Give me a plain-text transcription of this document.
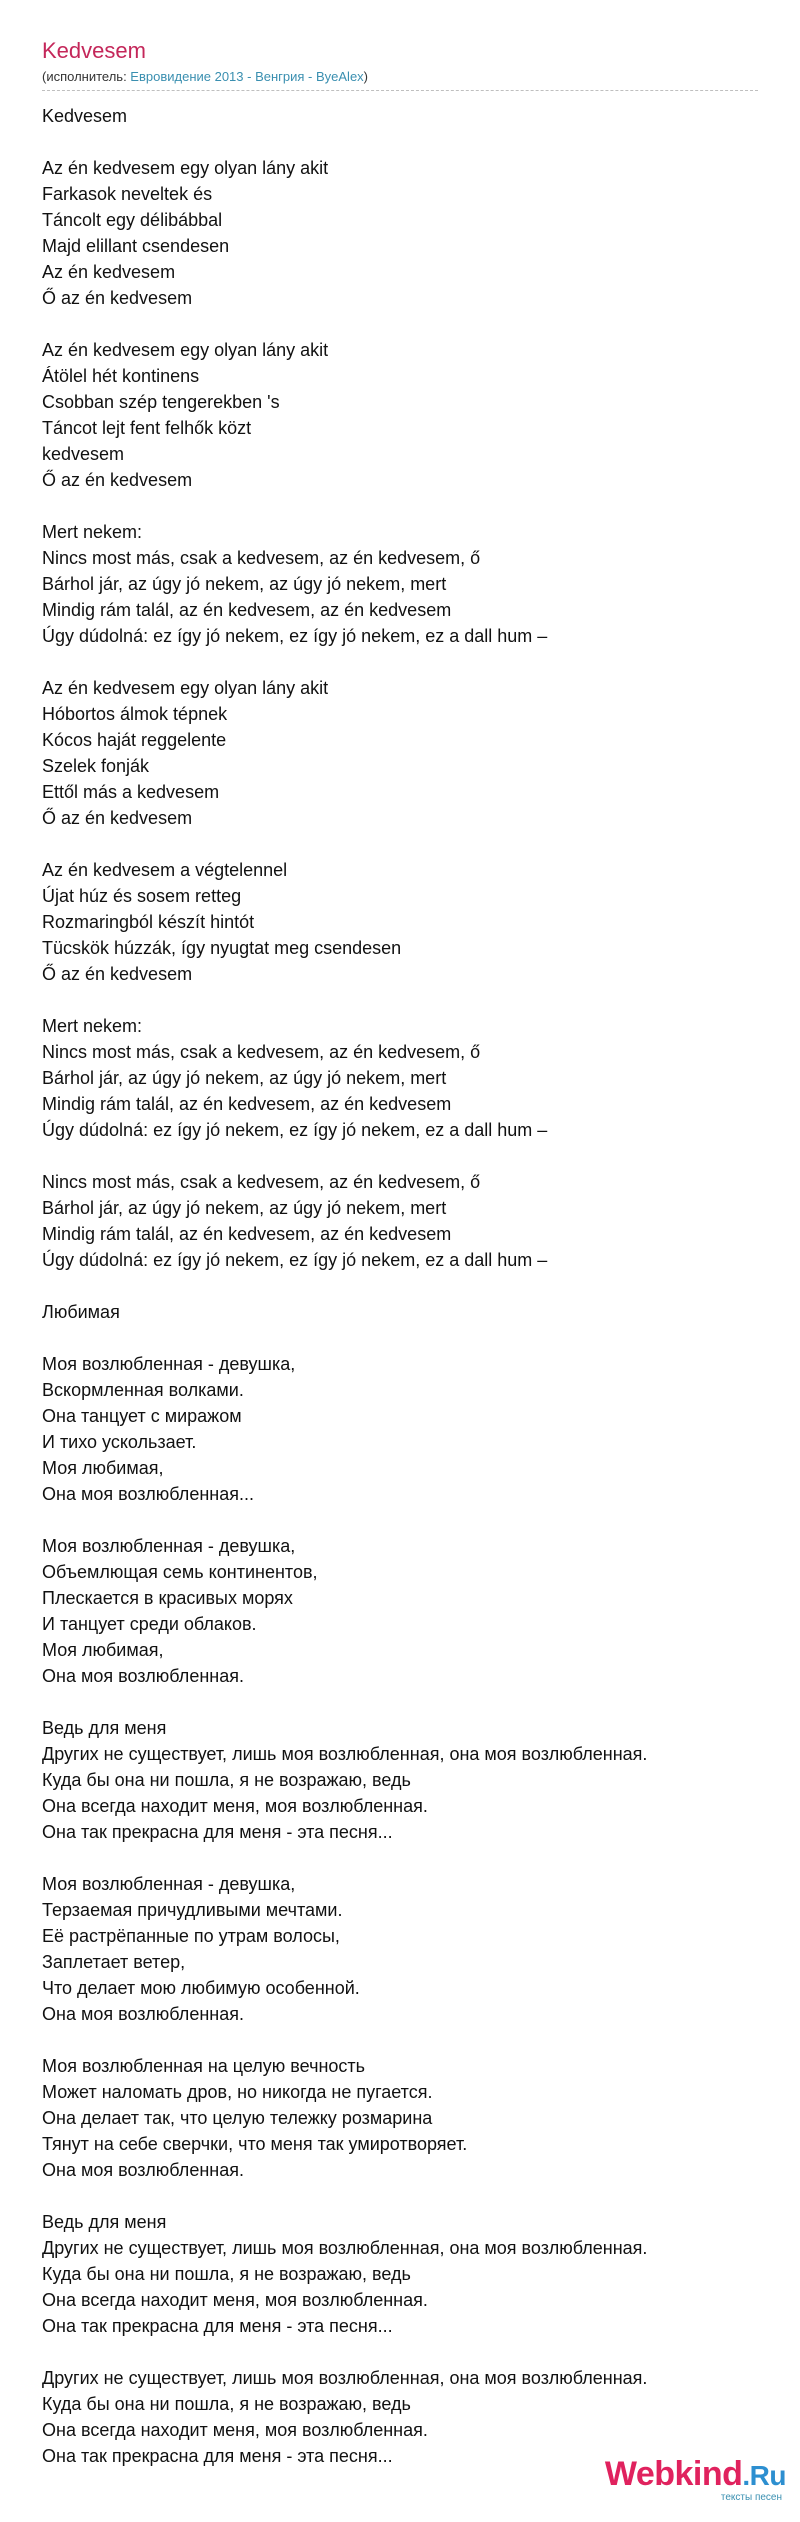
Kedvesem
(исполнитель: Евровидение 2013 - Венгрия - ByeAlex)
Kedvesem
Az én kedvesem egy olyan lány akit
Farkasok neveltek és
Táncolt egy délibábbal
Majd elillant csendesen
Az én kedvesem
Ő az én kedvesem
Az én kedvesem egy olyan lány akit
Átölel hét kontinens
Csobban szép tengerekben 's
Táncot lejt fent felhők közt
kedvesem
Ő az én kedvesem
Mert nekem:
Nincs most más, csak a kedvesem, az én kedvesem, ő
Bárhol jár, az úgy jó nekem, az úgy jó nekem, mert
Mindig rám talál, az én kedvesem, az én kedvesem
Úgy dúdolná: ez így jó nekem, ez így jó nekem, ez a dall hum –
Az én kedvesem egy olyan lány akit
Hóbortos álmok tépnek
Kócos haját reggelente
Szelek fonják
Ettől más a kedvesem
Ő az én kedvesem
Az én kedvesem a végtelennel
Újat húz és sosem retteg
Rozmaringból készít hintót
Tücskök húzzák, így nyugtat meg csendesen
Ő az én kedvesem
Mert nekem:
Nincs most más, csak a kedvesem, az én kedvesem, ő
Bárhol jár, az úgy jó nekem, az úgy jó nekem, mert
Mindig rám talál, az én kedvesem, az én kedvesem
Úgy dúdolná: ez így jó nekem, ez így jó nekem, ez a dall hum –
Nincs most más, csak a kedvesem, az én kedvesem, ő
Bárhol jár, az úgy jó nekem, az úgy jó nekem, mert
Mindig rám talál, az én kedvesem, az én kedvesem
Úgy dúdolná: ez így jó nekem, ez így jó nekem, ez a dall hum –
Любимая
Моя возлюбленная - девушка,
Вскормленная волками.
Она танцует с миражом
И тихо ускользает.
Моя любимая,
Она моя возлюбленная...
Моя возлюбленная - девушка,
Объемлющая семь континентов,
Плескается в красивых морях
И танцует среди облаков.
Моя любимая,
Она моя возлюбленная.
Ведь для меня
Других не существует, лишь моя возлюбленная, она моя возлюбленная.
Куда бы она ни пошла, я не возражаю, ведь
Она всегда находит меня, моя возлюбленная.
Она так прекрасна для меня - эта песня...
Моя возлюбленная - девушка,
Терзаемая причудливыми мечтами.
Её растрёпанные по утрам волосы,
Заплетает ветер,
Что делает мою любимую особенной.
Она моя возлюбленная.
Моя возлюбленная на целую вечность
Может наломать дров, но никогда не пугается.
Она делает так, что целую тележку розмарина
Тянут на себе сверчки, что меня так умиротворяет.
Она моя возлюбленная.
Ведь для меня
Других не существует, лишь моя возлюбленная, она моя возлюбленная.
Куда бы она ни пошла, я не возражаю, ведь
Она всегда находит меня, моя возлюбленная.
Она так прекрасна для меня - эта песня...
Других не существует, лишь моя возлюбленная, она моя возлюбленная.
Куда бы она ни пошла, я не возражаю, ведь
Она всегда находит меня, моя возлюбленная.
Она так прекрасна для меня - эта песня...	Webkind.Ru
тексты песен
